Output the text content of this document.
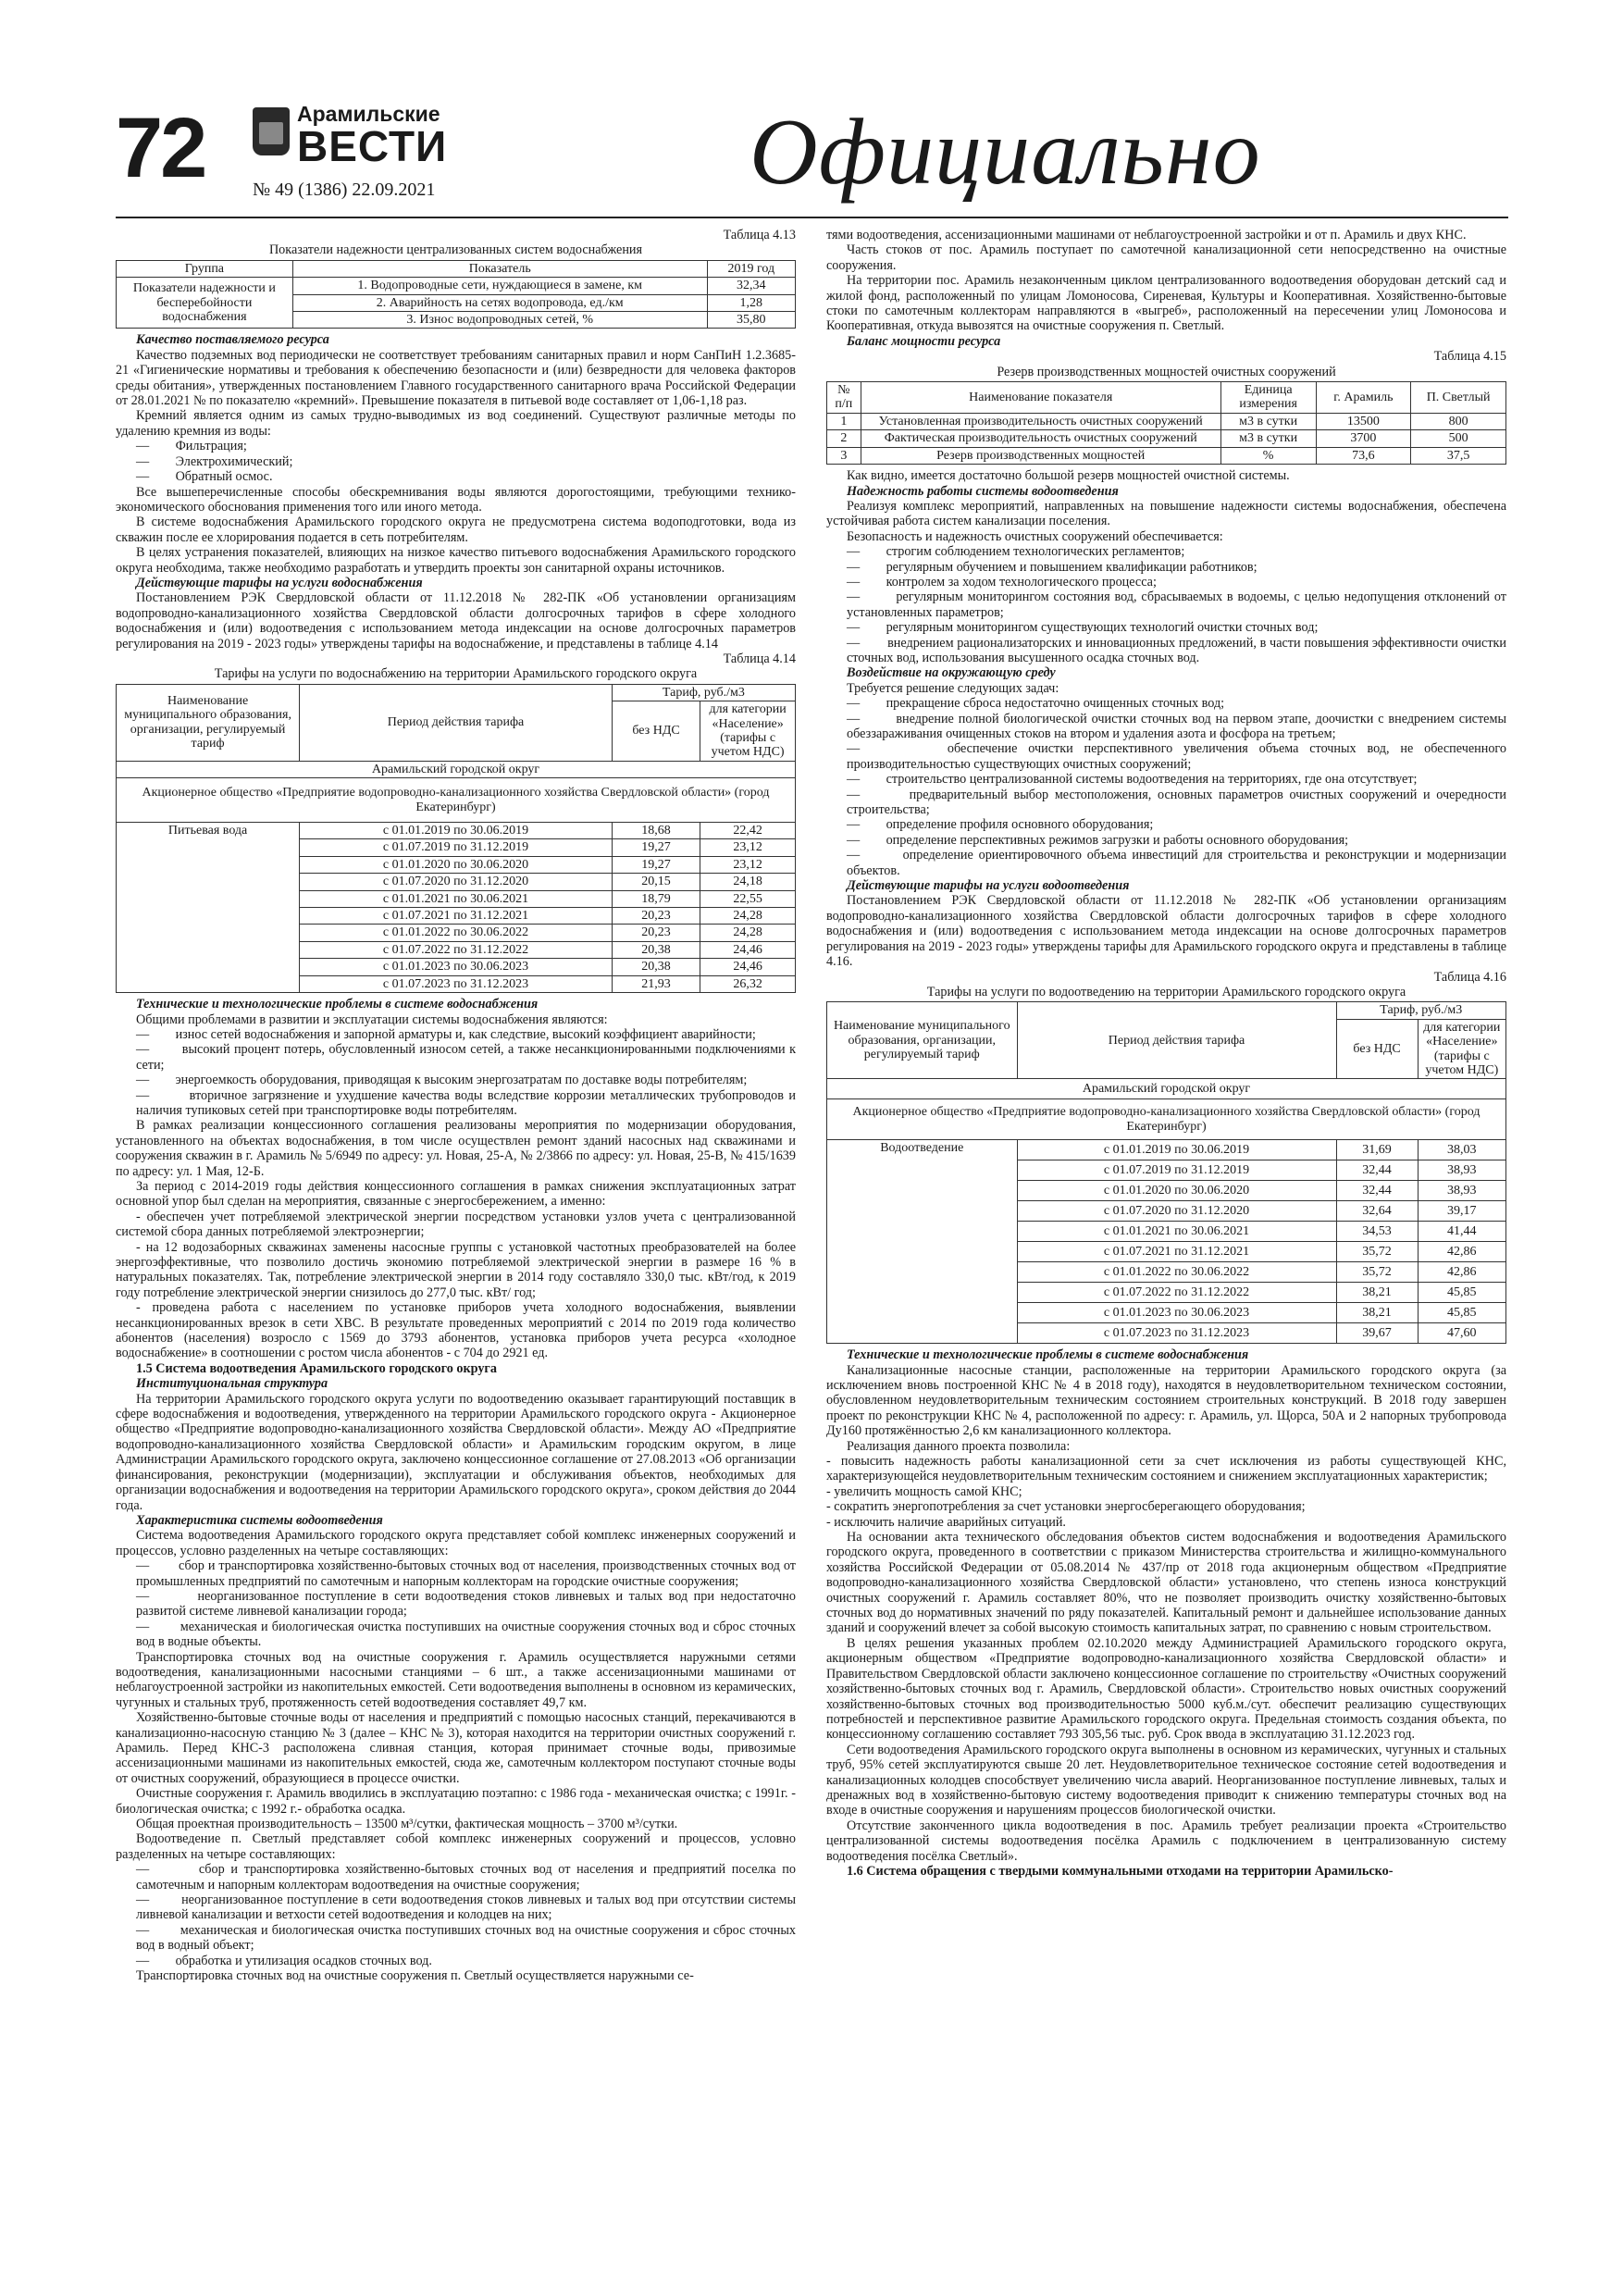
72	Арамильские
ВЕСТИ
№ 49 (1386) 22.09.2021	Официально

Таблица 4.13

Показатели надежности централизованных систем водоснабжения

Группа	Показатель	2019 год
Показатели надежности и бесперебойности водоснабжения	1. Водопроводные сети, нуждающиеся в замене, км	32,34
	2. Аварийность на сетях водопровода, ед./км	1,28
	3. Износ водопроводных сетей, %	35,80

Качество поставляемого ресурса

Качество подземных вод периодически не соответствует требованиям санитарных правил и норм СанПиН 1.2.3685-21 «Гигиенические нормативы и требования к обеспечению безопасности и (или) безвредности для человека факторов среды обитания», утвержденных постановлением Главного государственного санитарного врача Российской Федерации от 28.01.2021 № по показателю «кремний». Превышение показателя в питьевой воде составляет от 1,06-1,18 раз.

Кремний является одним из самых трудно-выводимых из вод соединений. Существуют различные методы по удалению кремния из воды:

—        Фильтрация;

—        Электрохимический;

—        Обратный осмос.

Все вышеперечисленные способы обескремнивания воды являются дорогостоящими, требующими технико-экономического обоснования применения того или иного метода.

В системе водоснабжения Арамильского городского округа не предусмотрена система водоподготовки, вода из скважин после ее хлорирования подается в сеть потребителям.

В целях устранения показателей, влияющих на низкое качество питьевого водоснабжения Арамильского городского округа необходима, также необходимо разработать и утвердить проекты зон санитарной охраны источников.

Действующие тарифы на услуги водоснабжения

Постановлением РЭК Свердловской области от 11.12.2018 № 282-ПК «Об установлении организациям водопроводно-канализационного хозяйства Свердловской области долгосрочных тарифов в сфере холодного водоснабжения и (или) водоотведения с использованием метода индексации на основе долгосрочных параметров регулирования на 2019 - 2023 годы» утверждены тарифы на водоснабжение, и представлены в таблице 4.14

Таблица 4.14

Тарифы на услуги по водоснабжению на территории Арамильского городского округа

Наименование муниципального образования, организации, регулируемый тариф	Период действия тарифа	Тариф, руб./м3	
		без НДС	для категории «Население» (тарифы с учетом НДС)
Арамильский городской округ			
Акционерное общество «Предприятие водопроводно-канализационного хозяйства Свердловской области» (город Екатеринбург)			
Питьевая вода	с 01.01.2019 по 30.06.2019	18,68	22,42
	с 01.07.2019 по 31.12.2019	19,27	23,12
	с 01.01.2020 по 30.06.2020	19,27	23,12
	с 01.07.2020 по 31.12.2020	20,15	24,18
	с 01.01.2021 по 30.06.2021	18,79	22,55
	с 01.07.2021 по 31.12.2021	20,23	24,28
	с 01.01.2022 по 30.06.2022	20,23	24,28
	с 01.07.2022 по 31.12.2022	20,38	24,46
	с 01.01.2023 по 30.06.2023	20,38	24,46
	с 01.07.2023 по 31.12.2023	21,93	26,32

Технические и технологические проблемы в системе водоснабжения

Общими проблемами в развитии и эксплуатации системы водоснабжения являются:

—        износ сетей водоснабжения и запорной арматуры и, как следствие, высокий коэффициент аварийности;

—        высокий процент потерь, обусловленный износом сетей, а также несанкционированными подключениями к сети;

—        энергоемкость оборудования, приводящая к высоким энергозатратам по доставке воды потребителям;

—        вторичное загрязнение и ухудшение качества воды вследствие коррозии металлических трубопроводов и наличия тупиковых сетей при транспортировке воды потребителям.

В рамках реализации концессионного соглашения реализованы мероприятия по модернизации оборудования, установленного на объектах водоснабжения, в том числе осуществлен ремонт зданий насосных над скважинами и сооружения скважин в г. Арамиль № 5/6949 по адресу: ул. Новая, 25-А, № 2/3866 по адресу: ул. Новая, 25-В, № 415/1639 по адресу: ул. 1 Мая, 12-Б.

За период с 2014-2019 годы действия концессионного соглашения в рамках снижения эксплуатационных затрат основной упор был сделан на мероприятия, связанные с энергосбережением, а именно:

- обеспечен учет потребляемой электрической энергии посредством установки узлов учета с централизованной системой сбора данных потребляемой электроэнергии;

- на 12 водозаборных скважинах заменены насосные группы с установкой частотных преобразователей на более энергоэффективные, что позволило достичь экономию потребляемой электрической энергии в размере 16 % в натуральных показателях. Так, потребление электрической энергии в 2014 году составляло 330,0 тыс. кВт/год, к 2019 году потребление электрической энергии снизилось до 277,0 тыс. кВт/ год;

- проведена работа с населением по установке приборов учета холодного водоснабжения, выявлении несанкционированных врезок в сети ХВС. В результате проведенных мероприятий с 2014 по 2019 года количество абонентов (населения) возросло с 1569 до 3793 абонентов, установка приборов учета ресурса «холодное водоснабжение» в соотношении с ростом числа абонентов - с 704 до 2921 ед.

1.5 Система водоотведения Арамильского городского округа

Институциональная структура

На территории Арамильского городского округа услуги по водоотведению оказывает гарантирующий поставщик в сфере водоснабжения и водоотведения, утвержденного на территории Арамильского городского округа - Акционерное общество «Предприятие водопроводно-канализационного хозяйства Свердловской области». Между АО «Предприятие водопроводно-канализационного хозяйства Свердловской области» и Арамильским городским округом, в лице Администрации Арамильского городского округа, заключено концессионное соглашение от 27.08.2013 «Об организации финансирования, реконструкции (модернизации), эксплуатации и обслуживания объектов, необходимых для организации водоснабжения и водоотведения на территории Арамильского городского округа», сроком действия до 2044 года.

Характеристика системы водоотведения

Система водоотведения Арамильского городского округа представляет собой комплекс инженерных сооружений и процессов, условно разделенных на четыре составляющих:

—        сбор и транспортировка хозяйственно-бытовых сточных вод от населения, производственных сточных вод от промышленных предприятий по самотечным и напорным коллекторам на городские очистные сооружения;

—        неорганизованное поступление в сети водоотведения стоков ливневых и талых вод при недостаточно развитой системе ливневой канализации города;

—        механическая и биологическая очистка поступивших на очистные сооружения сточных вод и сброс сточных вод в водные объекты.

Транспортировка сточных вод на очистные сооружения г. Арамиль осуществляется наружными сетями водоотведения, канализационными насосными станциями – 6 шт., а также ассенизационными машинами от неблагоустроенной застройки из накопительных емкостей. Сети водоотведения выполнены в основном из керамических, чугунных и стальных труб, протяженность сетей водоотведения составляет 49,7 км.

Хозяйственно-бытовые сточные воды от населения и предприятий с помощью насосных станций, перекачиваются в канализационно-насосную станцию № 3 (далее – КНС № 3), которая находится на территории очистных сооружений г. Арамиль. Перед КНС-3 расположена сливная станция, которая принимает сточные воды, привозимые ассенизационными машинами из накопительных емкостей, сюда же, самотечным коллектором поступают сточные воды от очистных сооружений, образующиеся в процессе очистки.

Очистные сооружения г. Арамиль вводились в эксплуатацию поэтапно: с 1986 года - механическая очистка; с 1991г. - биологическая очистка; с 1992 г.- обработка осадка.

Общая проектная производительность – 13500 м³/сутки, фактическая мощность – 3700 м³/сутки.

Водоотведение п. Светлый представляет собой комплекс инженерных сооружений и процессов, условно разделенных на четыре составляющих:

—        сбор и транспортировка хозяйственно-бытовых сточных вод от населения и предприятий поселка по самотечным и напорным коллекторам водоотведения на очистные сооружения;

—        неорганизованное поступление в сети водоотведения стоков ливневых и талых вод при отсутствии системы ливневой канализации и ветхости сетей водоотведения и колодцев на них;

—        механическая и биологическая очистка поступивших сточных вод на очистные сооружения и сброс сточных вод в водный объект;

—        обработка и утилизация осадков сточных вод.

Транспортировка сточных вод на очистные сооружения п. Светлый осуществляется наружными се-

тями водоотведения, ассенизационными машинами от неблагоустроенной застройки и от п. Арамиль и двух КНС.

Часть стоков от пос. Арамиль поступает по самотечной канализационной сети непосредственно на очистные сооружения.

На территории пос. Арамиль незаконченным циклом централизованного водоотведения оборудован детский сад и жилой фонд, расположенный по улицам Ломоносова, Сиреневая, Культуры и Кооперативная. Хозяйственно-бытовые стоки по самотечным коллекторам направляются в «выгреб», расположенный на пересечении улиц Ломоносова и Кооперативная, откуда вывозятся на очистные сооружения п. Светлый.

Баланс мощности ресурса

Таблица 4.15

Резерв производственных мощностей очистных сооружений

№ п/п	Наименование показателя	Единица измерения	г. Арамиль	П. Светлый
1	Установленная производительность очистных сооружений	м3 в сутки	13500	800
2	Фактическая производительность очистных сооружений	м3 в сутки	3700	500
3	Резерв производственных мощностей	%	73,6	37,5

Как видно, имеется достаточно большой резерв мощностей очистной системы.

Надежность работы системы водоотведения

Реализуя комплекс мероприятий, направленных на повышение надежности системы водоснабжения, обеспечена устойчивая работа систем канализации поселения.

Безопасность и надежность очистных сооружений обеспечивается:

—        строгим соблюдением технологических регламентов;

—        регулярным обучением и повышением квалификации работников;

—        контролем за ходом технологического процесса;

—        регулярным мониторингом состояния вод, сбрасываемых в водоемы, с целью недопущения отклонений от установленных параметров;

—        регулярным мониторингом существующих технологий очистки сточных вод;

—        внедрением рационализаторских и инновационных предложений, в части повышения эффективности очистки сточных вод, использования высушенного осадка сточных вод.

Воздействие на окружающую среду

Требуется решение следующих задач:

—        прекращение сброса недостаточно очищенных сточных вод;

—        внедрение полной биологической очистки сточных вод на первом этапе, доочистки с внедрением системы обеззараживания очищенных стоков на втором и удаления азота и фосфора на третьем;

—        обеспечение очистки перспективного увеличения объема сточных вод, не обеспеченного производительностью существующих очистных сооружений;

—        строительство централизованной системы водоотведения на территориях, где она отсутствует;

—        предварительный выбор местоположения, основных параметров очистных сооружений и очередности строительства;

—        определение профиля основного оборудования;

—        определение перспективных режимов загрузки и работы основного оборудования;

—        определение ориентировочного объема инвестиций для строительства и реконструкции и модернизации объектов.

Действующие тарифы на услуги водоотведения

Постановлением РЭК Свердловской области от 11.12.2018 № 282-ПК «Об установлении организациям водопроводно-канализационного хозяйства Свердловской области долгосрочных тарифов в сфере холодного водоснабжения и (или) водоотведения с использованием метода индексации на основе долгосрочных параметров регулирования на 2019 - 2023 годы» утверждены тарифы для Арамильского городского округа и представлены в таблице 4.16.

Таблица 4.16

Тарифы на услуги по водоотведению на территории Арамильского городского округа

Наименование муниципального образования, организации, регулируемый тариф	Период действия тарифа	Тариф, руб./м3	
		без НДС	для категории «Население» (тарифы с учетом НДС)
Арамильский городской округ			
Акционерное общество «Предприятие водопроводно-канализационного хозяйства Свердловской области» (город Екатеринбург)			
Водоотведение	с 01.01.2019 по 30.06.2019	31,69	38,03
	с 01.07.2019 по 31.12.2019	32,44	38,93
	с 01.01.2020 по 30.06.2020	32,44	38,93
	с 01.07.2020 по 31.12.2020	32,64	39,17
	с 01.01.2021 по 30.06.2021	34,53	41,44
	с 01.07.2021 по 31.12.2021	35,72	42,86
	с 01.01.2022 по 30.06.2022	35,72	42,86
	с 01.07.2022 по 31.12.2022	38,21	45,85
	с 01.01.2023 по 30.06.2023	38,21	45,85
	с 01.07.2023 по 31.12.2023	39,67	47,60

Технические и технологические проблемы в системе водоснабжения

Канализационные насосные станции, расположенные на территории Арамильского городского округа (за исключением вновь построенной КНС № 4 в 2018 году), находятся в неудовлетворительном техническом состоянии, обусловленном неудовлетворительным техническим состоянием строительных конструкций. В 2018 году завершен проект по реконструкции КНС № 4, расположенной по адресу: г. Арамиль, ул. Щорса, 50А и 2 напорных трубопровода Ду160 протяжённостью 2,6 км канализационного коллектора.

Реализация данного проекта позволила:

- повысить надежность работы канализационной сети за счет исключения из работы существующей КНС, характеризующейся неудовлетворительным техническим состоянием и снижением эксплуатационных характеристик;

- увеличить мощность самой КНС;

- сократить энергопотребления за счет установки энергосберегающего оборудования;

- исключить наличие аварийных ситуаций.

На основании акта технического обследования объектов систем водоснабжения и водоотведения Арамильского городского округа, проведенного в соответствии с приказом Министерства строительства и жилищно-коммунального хозяйства Российской Федерации от 05.08.2014 № 437/пр от 2018 года акционерным обществом «Предприятие водопроводно-канализационного хозяйства Свердловской области» установлено, что степень износа конструкций очистных сооружений г. Арамиль составляет 80%, что не позволяет производить очистку хозяйственно-бытовых сточных вод до нормативных значений по ряду показателей. Капитальный ремонт и дальнейшее использование данных зданий и сооружений влечет за собой высокую стоимость капитальных затрат, по сравнению с новым строительством.

В целях решения указанных проблем 02.10.2020 между Администрацией Арамильского городского округа, акционерным обществом «Предприятие водопроводно-канализационного хозяйства Свердловской области» и Правительством Свердловской области заключено концессионное соглашение по строительству «Очистных сооружений хозяйственно-бытовых сточных вод г. Арамиль, Свердловской области». Строительство новых очистных сооружений хозяйственно-бытовых сточных вод производительностью 5000 куб.м./сут. обеспечит реализацию существующих потребностей и перспективное развитие Арамильского городского округа. Предельная стоимость создания объекта, по концессионному соглашению составляет 793 305,56 тыс. руб. Срок ввода в эксплуатацию 31.12.2023 год.

Сети водоотведения Арамильского городского округа выполнены в основном из керамических, чугунных и стальных труб, 95% сетей эксплуатируются свыше 20 лет. Неудовлетворительное техническое состояние сетей водоотведения и канализационных колодцев способствует увеличению числа аварий. Неорганизованное поступление ливневых, талых и дренажных вод в хозяйственно-бытовую систему водоотведения приводит к снижению температуры сточных вод на входе в очистные сооружения и нарушениям процессов биологической очистки.

Отсутствие законченного цикла водоотведения в пос. Арамиль требует реализации проекта «Строительство централизованной системы водоотведения посёлка Арамиль с подключением в централизованную систему водоотведения посёлка Светлый».

1.6 Система обращения с твердыми коммунальными отходами на территории Арамильско-
